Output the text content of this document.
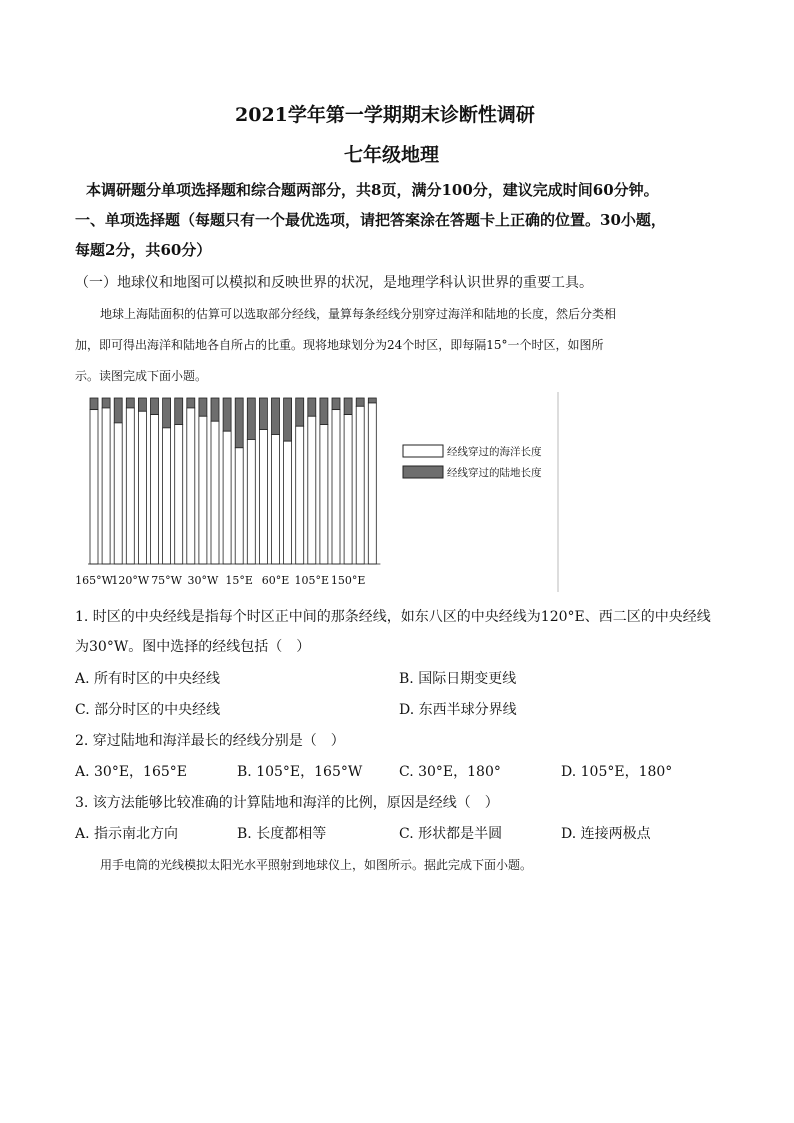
2021学年第一学期期末诊断性调研
七年级地理
本调研题分单项选择题和综合题两部分，共8页，满分100分，建议完成时间60分钟。
一、单项选择题（每题只有一个最优选项，请把答案涂在答题卡上正确的位置。30小题，
每题2分，共60分）
（一）地球仪和地图可以模拟和反映世界的状况，是地理学科认识世界的重要工具。
地球上海陆面积的估算可以选取部分经线，量算每条经线分别穿过海洋和陆地的长度，然后分类相
加，即可得出海洋和陆地各自所占的比重。现将地球划分为24个时区，即每隔15°一个时区，如图所
示。读图完成下面小题。
165°W
120°W 75°W 30°W 15°E 60°E 105°E 150°E
经线穿过的海洋长度
经线穿过的陆地长度
1. 时区的中央经线是指每个时区正中间的那条经线，如东八区的中央经线为120°E、西二区的中央经线
为30°W。图中选择的经线包括（　）
A. 所有时区的中央经线	B. 国际日期变更线
C. 部分时区的中央经线	D. 东西半球分界线
2. 穿过陆地和海洋最长的经线分别是（　）
A. 30°E，165°E	B. 105°E，165°W	C. 30°E，180°	D. 105°E，180°
3. 该方法能够比较准确的计算陆地和海洋的比例，原因是经线（　）
A. 指示南北方向	B. 长度都相等	C. 形状都是半圆	D. 连接两极点
用手电筒的光线模拟太阳光水平照射到地球仪上，如图所示。据此完成下面小题。
